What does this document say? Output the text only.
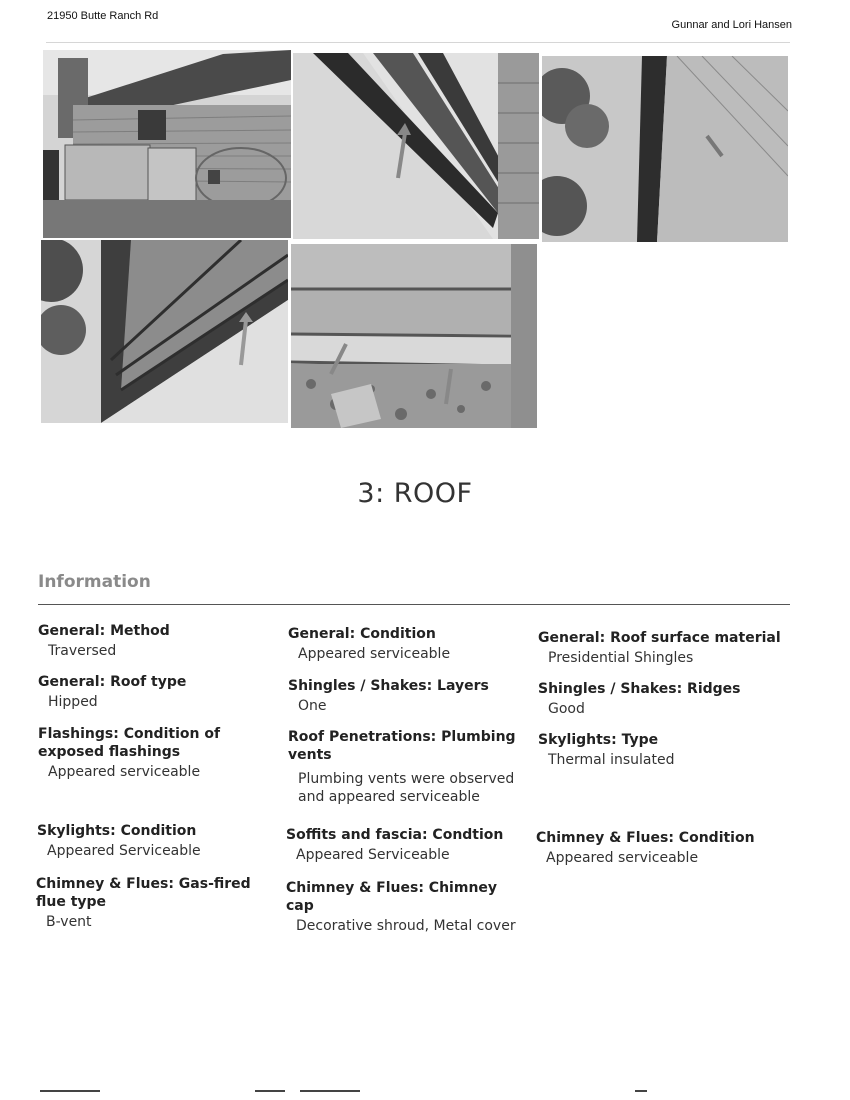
21950 Butte Ranch Rd
Gunnar and Lori Hansen
3: ROOF
Information
General: Method
Traversed
General: Condition
Appeared serviceable
General: Roof surface material
Presidential Shingles
General: Roof type
Hipped
Shingles / Shakes: Layers
One
Shingles / Shakes: Ridges
Good
Flashings: Condition of exposed flashings
Appeared serviceable
Roof Penetrations: Plumbing vents
Plumbing vents were observed and appeared serviceable
Skylights: Type
Thermal insulated
Skylights: Condition
Appeared Serviceable
Soffits and fascia: Condtion
Appeared Serviceable
Chimney & Flues: Condition
Appeared serviceable
Chimney & Flues: Gas-fired flue type
B-vent
Chimney & Flues: Chimney cap
Decorative shroud, Metal cover
